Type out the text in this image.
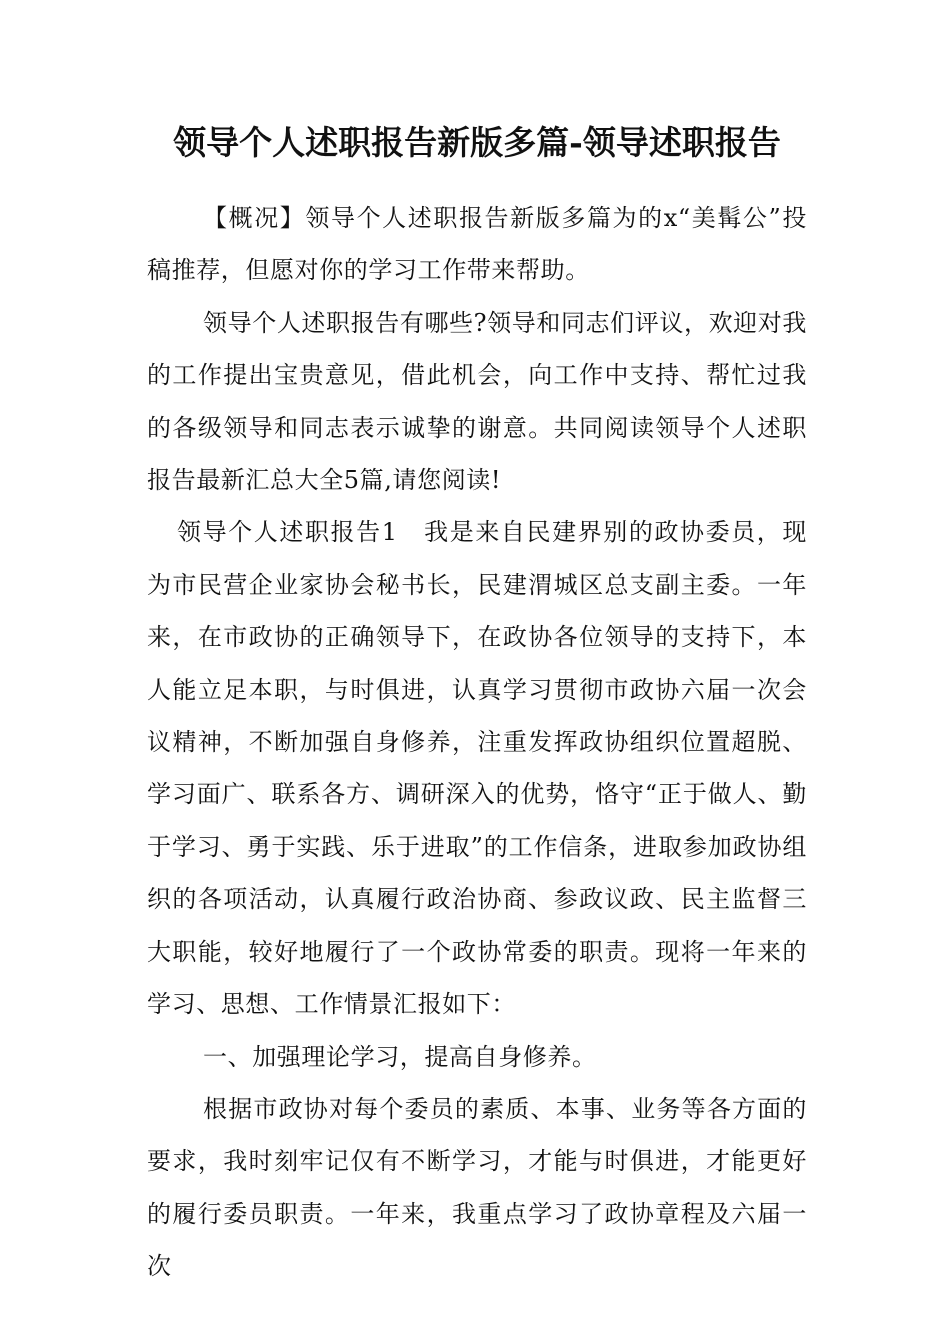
领导个人述职报告新版多篇-领导述职报告

【概况】领导个人述职报告新版多篇为的x“美髯公”投稿推荐，但愿对你的学习工作带来帮助。

领导个人述职报告有哪些?领导和同志们评议，欢迎对我的工作提出宝贵意见，借此机会，向工作中支持、帮忙过我的各级领导和同志表示诚挚的谢意。共同阅读领导个人述职报告最新汇总大全5篇,请您阅读!

领导个人述职报告1　我是来自民建界别的政协委员，现为市民营企业家协会秘书长，民建渭城区总支副主委。一年来，在市政协的正确领导下，在政协各位领导的支持下，本人能立足本职，与时俱进，认真学习贯彻市政协六届一次会议精神，不断加强自身修养，注重发挥政协组织位置超脱、学习面广、联系各方、调研深入的优势，恪守“正于做人、勤于学习、勇于实践、乐于进取”的工作信条，进取参加政协组织的各项活动，认真履行政治协商、参政议政、民主监督三大职能，较好地履行了一个政协常委的职责。现将一年来的学习、思想、工作情景汇报如下：

一、加强理论学习，提高自身修养。

根据市政协对每个委员的素质、本事、业务等各方面的要求，我时刻牢记仅有不断学习，才能与时俱进，才能更好的履行委员职责。一年来，我重点学习了政协章程及六届一次
